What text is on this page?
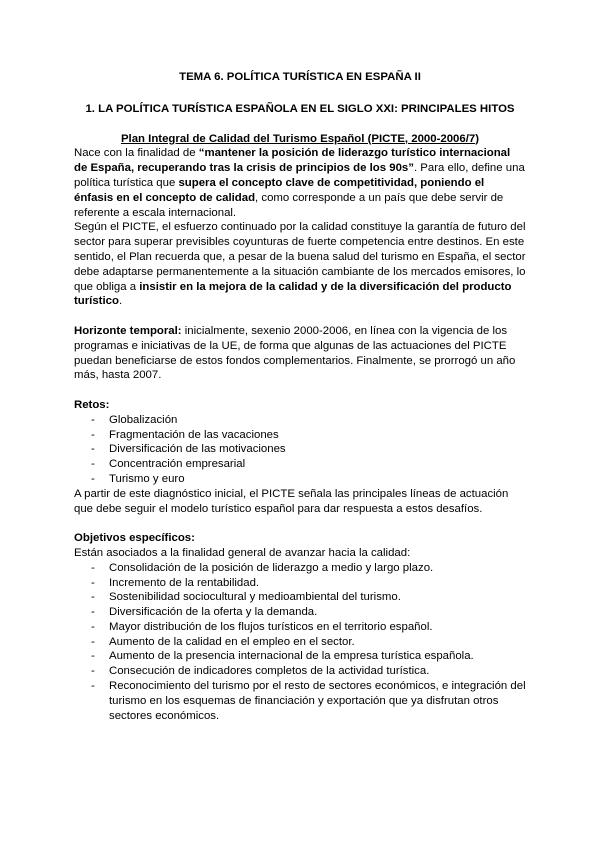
TEMA 6. POLÍTICA TURÍSTICA EN ESPAÑA II
1. LA POLÍTICA TURÍSTICA ESPAÑOLA EN EL SIGLO XXI: PRINCIPALES HITOS
Plan Integral de Calidad del Turismo Español (PICTE, 2000-2006/7)

Nace con la finalidad de “mantener la posición de liderazgo turístico internacional de España, recuperando tras la crisis de principios de los 90s”. Para ello, define una política turística que supera el concepto clave de competitividad, poniendo el énfasis en el concepto de calidad, como corresponde a un país que debe servir de referente a escala internacional.

Según el PICTE, el esfuerzo continuado por la calidad constituye la garantía de futuro del sector para superar previsibles coyunturas de fuerte competencia entre destinos. En este sentido, el Plan recuerda que, a pesar de la buena salud del turismo en España, el sector debe adaptarse permanentemente a la situación cambiante de los mercados emisores, lo que obliga a insistir en la mejora de la calidad y de la diversificación del producto turístico.

Horizonte temporal: inicialmente, sexenio 2000-2006, en línea con la vigencia de los programas e iniciativas de la UE, de forma que algunas de las actuaciones del PICTE puedan beneficiarse de estos fondos complementarios. Finalmente, se prorrogó un año más, hasta 2007.

Retos:

- Globalización
- Fragmentación de las vacaciones
- Diversificación de las motivaciones
- Concentración empresarial
- Turismo y euro

A partir de este diagnóstico inicial, el PICTE señala las principales líneas de actuación que debe seguir el modelo turístico español para dar respuesta a estos desafíos.

Objetivos específicos:

Están asociados a la finalidad general de avanzar hacia la calidad:

- Consolidación de la posición de liderazgo a medio y largo plazo.
- Incremento de la rentabilidad.
- Sostenibilidad sociocultural y medioambiental del turismo.
- Diversificación de la oferta y la demanda.
- Mayor distribución de los flujos turísticos en el territorio español.
- Aumento de la calidad en el empleo en el sector.
- Aumento de la presencia internacional de la empresa turística española.
- Consecución de indicadores completos de la actividad turística.
- Reconocimiento del turismo por el resto de sectores económicos, e integración del turismo en los esquemas de financiación y exportación que ya disfrutan otros sectores económicos.
